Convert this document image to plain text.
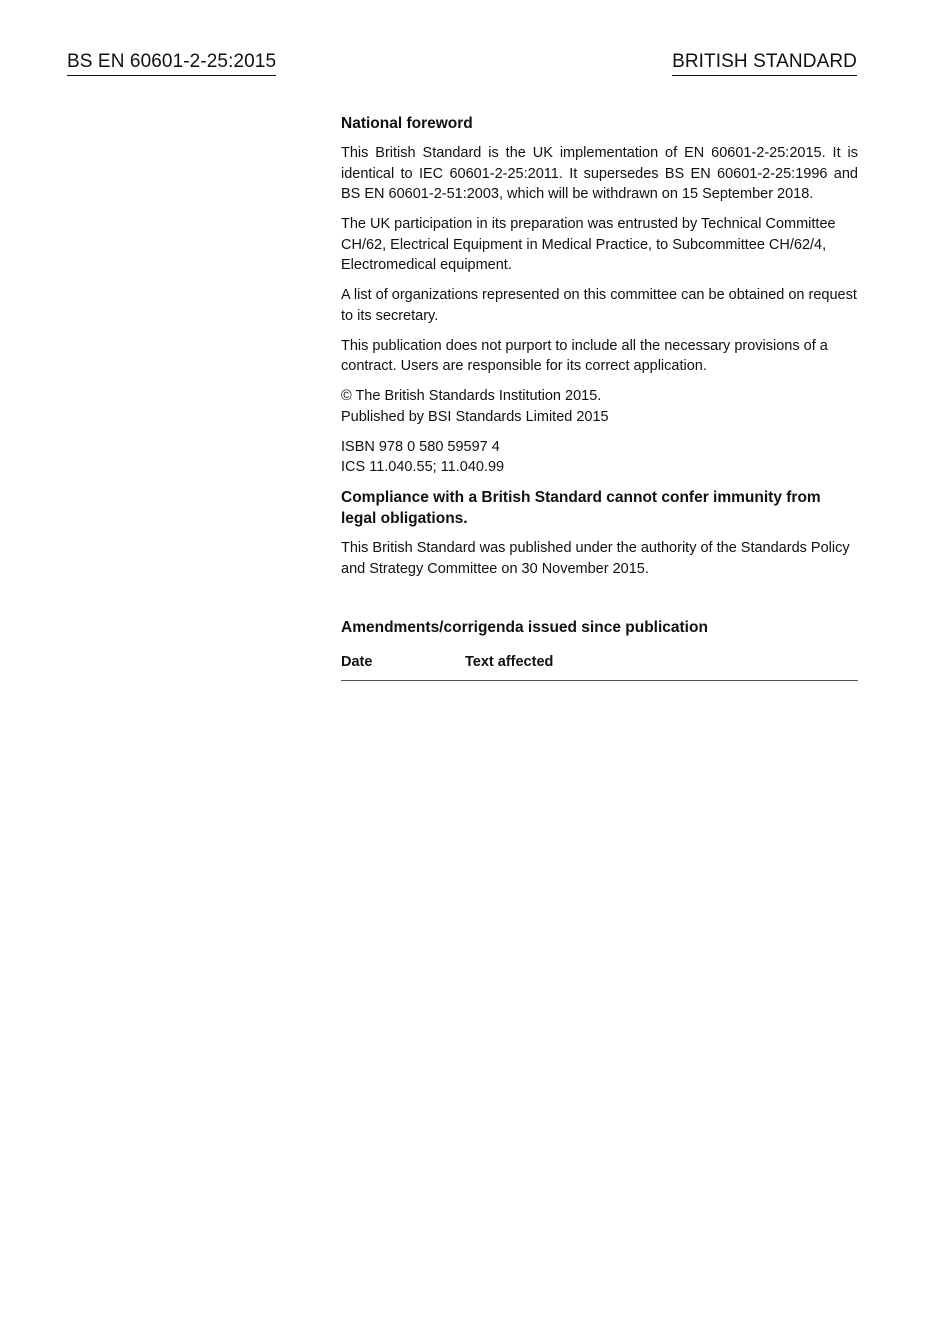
BS EN 60601-2-25:2015	BRITISH STANDARD
National foreword

This British Standard is the UK implementation of EN 60601-2-25:2015. It is identical to IEC 60601-2-25:2011. It supersedes BS EN 60601-2-25:1996 and BS EN 60601-2-51:2003, which will be withdrawn on 15 September 2018.

The UK participation in its preparation was entrusted by Technical Committee CH/62, Electrical Equipment in Medical Practice, to Subcommittee CH/62/4, Electromedical equipment.

A list of organizations represented on this committee can be obtained on request to its secretary.

This publication does not purport to include all the necessary provisions of a contract. Users are responsible for its correct application.

© The British Standards Institution 2015.
Published by BSI Standards Limited 2015

ISBN 978 0 580 59597 4
ICS 11.040.55; 11.040.99

Compliance with a British Standard cannot confer immunity from legal obligations.

This British Standard was published under the authority of the Standards Policy and Strategy Committee on 30 November 2015.

Amendments/corrigenda issued since publication
Date	Text affected
